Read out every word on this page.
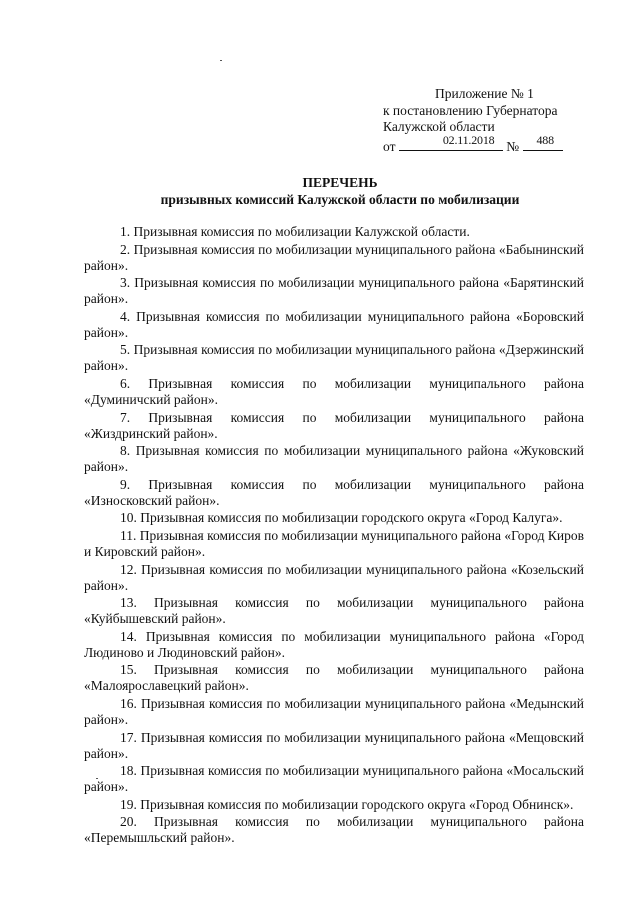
Приложение № 1
к постановлению Губернатора
Калужской области
от	02.11.2018 № 488
ПЕРЕЧЕНЬ
призывных комиссий Калужской области по мобилизации
1. Призывная комиссия по мобилизации Калужской области.
2. Призывная комиссия по мобилизации муниципального района «Бабынинский район».
3. Призывная комиссия по мобилизации муниципального района «Барятинский район».
4. Призывная комиссия по мобилизации муниципального района «Боровский район».
5. Призывная комиссия по мобилизации муниципального района «Дзержинский район».
6. Призывная комиссия по мобилизации муниципального района «Думиничский район».
7. Призывная комиссия по мобилизации муниципального района «Жиздринский район».
8. Призывная комиссия по мобилизации муниципального района «Жуковский район».
9. Призывная комиссия по мобилизации муниципального района «Износковский район».
10. Призывная комиссия по мобилизации городского округа «Город Калуга».
11. Призывная комиссия по мобилизации муниципального района «Город Киров и Кировский район».
12. Призывная комиссия по мобилизации муниципального района «Козельский район».
13. Призывная комиссия по мобилизации муниципального района «Куйбышевский район».
14. Призывная комиссия по мобилизации муниципального района «Город Людиново и Людиновский район».
15. Призывная комиссия по мобилизации муниципального района «Малоярославецкий район».
16. Призывная комиссия по мобилизации муниципального района «Медынский район».
17. Призывная комиссия по мобилизации муниципального района «Мещовский район».
18. Призывная комиссия по мобилизации муниципального района «Мосальский район».
19. Призывная комиссия по мобилизации городского округа «Город Обнинск».
20. Призывная комиссия по мобилизации муниципального района «Перемышльский район».
